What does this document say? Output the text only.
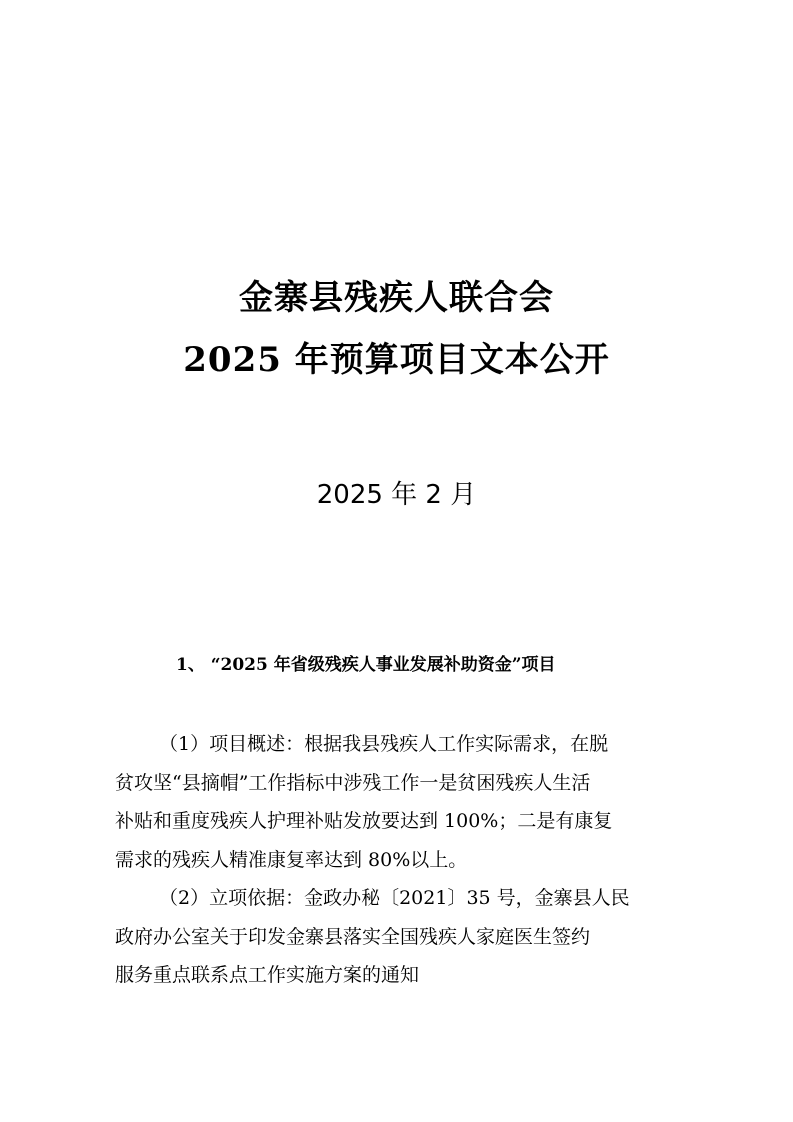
金寨县残疾人联合会
2025 年预算项目文本公开
2025 年 2 月
1、 “2025 年省级残疾人事业发展补助资金”项目
（1）项目概述：根据我县残疾人工作实际需求，在脱
贫攻坚“县摘帽”工作指标中涉残工作一是贫困残疾人生活
补贴和重度残疾人护理补贴发放要达到 100%；二是有康复
需求的残疾人精准康复率达到 80%以上。
（2）立项依据：金政办秘〔2021〕35 号，金寨县人民
政府办公室关于印发金寨县落实全国残疾人家庭医生签约
服务重点联系点工作实施方案的通知
